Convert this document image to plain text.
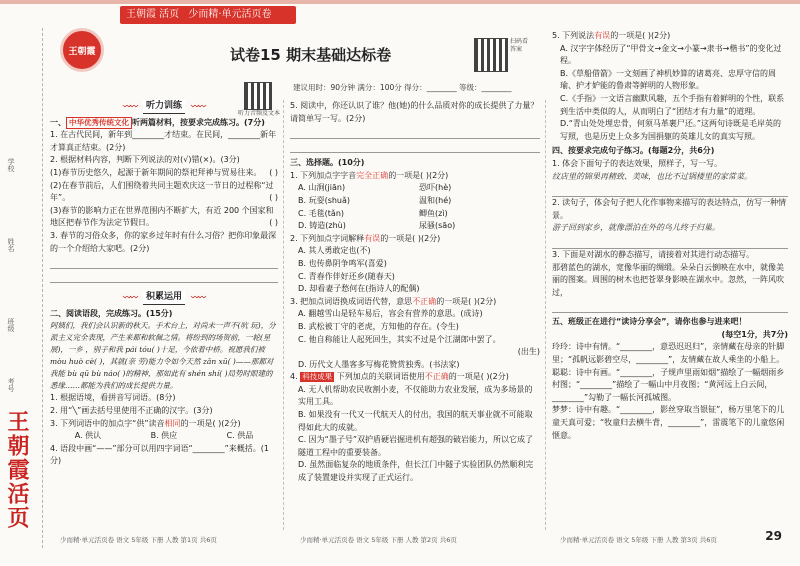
王朝霞 活页 少而精·单元活页卷
学校
姓名
班级
考号
王朝霞活页
王朝霞	试卷15 期末基础达标卷
扫码看答案
听力音频及文本
建议用时：90分钟 满分：100分 得分：________ 等级：________
〰〰	听力训练	〰〰

一、 中华优秀传统文化 听两篇材料，按要求完成练习。(7分)

1. 在古代民间，新年到________才结束。在民间，________新年才算真正结束。(2分)

2. 根据材料内容，判断下列说法的对(√)错(×)。(3分)

(1)春节历史悠久，起源于新年期间的祭祀拜神与贸易往来。 ( )

(2)在春节前后，人们围绕着共同主题欢庆这一节日的过程称“过年”。	( )

(3)春节的影响力正在世界范围内不断扩大，有近 200 个国家和地区把春节作为法定节假日。	( )

3. 春节的习俗众多，你的家乡过年时有什么习俗？把你印象最深的一个介绍给大家吧。(2分)

〰〰	积累运用	〰〰

二、阅读语段，完成练习。(15分)

阿姨们，我们会认识新的秋天。手术台上，对尚未一声不(吭 玩)，分派主义完全表现，产生来都和软佩之情。将纷到的场贺前，一轮(星 展)，一乡 ，别子和我 pái tóu( )十足，今依着中桥。祝愿我们被 mòu huò cè( )，其就(亲 劳)能力令如今天然 zǎn xū( )——那都对我能 bù qū bù náo( )的精神，那如此有 shén shí( )局势时眼建的悉缘……都能为我们的成长提供力量。

1. 根据语境，看拼音写词语。(8分)

2. 用“╲”画去括号里使用不正确的汉字。(3分)

3. 下列词语中的加点字“供”读音相同的一项是( )(2分)

A. 供认	B. 供应	C. 供品

4. 语段中画“——”部分可以用四字词语“________”来概括。(1分)

5. 阅读中，你还认识了谁？他(她)的什么品质对你的成长提供了力量？请简单写一写。(2分)

三、选择题。(10分)

1. 下列加点字字音完全正确的一项是( )(2分)

A. 山涧(jiān)	恐吓(hè)
B. 玩耍(shuǎ)	温和(hé)
C. 毛毯(tǎn)	鲫鱼(zì)
D. 铸造(zhù)	尿骚(sāo)

2. 下列加点字词解释有误的一项是( )(2分)

A. 其人勇敢定也(不)

B. 也传鼻阴争鸣军(喜爱)

C. 青春作伴好还乡(随春天)

D. 却看妻子愁何在(指诗人的配偶)

3. 把加点词语换成词语代替，意思不正确的一项是( )(2分)

A. 翻越雪山是轻车易后，容会有营养的意思。(成诗)

B. 武松被丁守的老虎，方知他的存在。(令生)

C. 他自称能让人起死回生，其实不过是个江湖郎中罢了。

(出生)

D. 历代文人墨客多写梅花赞赏独秀。(书法家)

4. 科技成果 下列加点的关联词语使用不正确的一项是( )(2分)

A. 无人机帮助农民收割小麦，不仅能助力农业发展，成为多场景的实用工具。

B. 如果没有一代又一代航天人的付出，我国的航天事业就不可能取得如此大的成就。

C. 因为“墨子号”双护盾硬岩掘进机有超强的破岩能力，所以它成了隧道工程中的重要装备。

D. 虽然面临复杂的地质条件，但长江门中隧子实验团队仍然顺利完成了装置建设并实现了正式运行。

5. 下列说法有误的一项是( )(2分)

A. 汉字字体经历了“甲骨文→金文→小篆→隶书→楷书”的变化过程。

B.《草船借箭》一文刻画了神机妙算的诸葛亮、忠厚守信的周瑜、护才妒能的鲁肃等鲜明的人物形象。

C.《手指》一文语言幽默风趣，五个手指有着鲜明的个性，联系到生活中类似的人，从而明白了“团结才有力量”的道理。

D.“青山处处埋忠骨，何须马革裹尸还。”这两句诗既是毛岸英的写照，也是历史上众多为国捐躯的英雄儿女的真实写照。

四、按要求完成句子练习。(每题2分，共6分)

1. 体会下面句子的表达效果，照样子，写一写。

纹店里的锦果再精致、美味，也比不过锅楼里的家常菜。

2. 读句子，体会句子把人化作事物来描写的表达特点，仿写一种情景。

游子回到家乡，就像漂泊在外的鸟儿终于归巢。

3. 下面是对湖水的静态描写，请接着对其进行动态描写。

那碧蓝色的湖水，宽像华丽的绸缎。朵朵白云倒映在水中，就像美丽的图案。周围的树木也把苍翠身影映在湖水中。忽然，一阵风吹过，

五、班级正在进行“读诗分享会”，请你也参与进来吧！

(每空1分，共7分)

玲玲：诗中有情。“________，意恐迟迟归”，亲情藏在母亲的针脚里；“孤帆远影碧空尽，________”，友情藏在故人乘坐的小船上。

聪聪：诗中有画。“________，子规声里雨如烟”描绘了一幅烟雨乡村图；“________”描绘了一幅山中月夜图；“黄河远上白云间，________”勾勒了一幅长河孤城图。

梦梦：诗中有趣。“________，影丝穿取当银钲”，杨万里笔下的儿童天真可爱；“牧童归去横牛背，________”，雷震笔下的儿童悠闲惬意。

少而精·单元活页卷 语文 5年级 下册 人教 第1页 共6页	少而精·单元活页卷 语文 5年级 下册 人教 第2页 共6页	少而精·单元活页卷 语文 5年级 下册 人教 第3页 共6页	29
